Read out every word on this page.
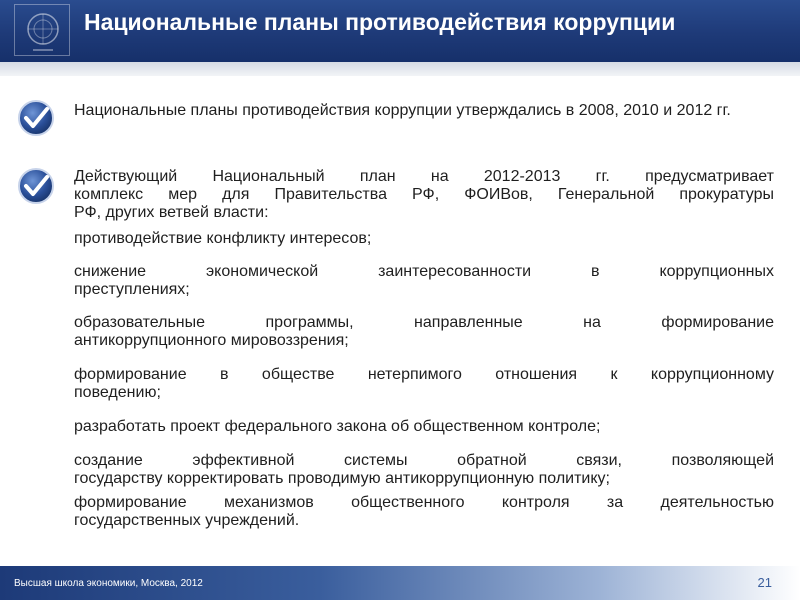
Национальные планы противодействия коррупции
Национальные планы противодействия коррупции утверждались в 2008, 2010 и 2012 гг.
Действующий Национальный план на 2012-2013 гг. предусматривает
комплекс мер для Правительства РФ, ФОИВов, Генеральной прокуратуры
РФ, других ветвей власти:
противодействие конфликту интересов;
снижение экономической заинтересованности в коррупционных
преступлениях;
образовательные программы, направленные на формирование
антикоррупционного мировоззрения;
формирование в обществе нетерпимого отношения к коррупционному
поведению;
разработать проект федерального закона об общественном контроле;
создание эффективной системы обратной связи, позволяющей
государству корректировать проводимую антикоррупционную политику;
формирование механизмов общественного контроля за деятельностью
государственных учреждений.
Высшая школа экономики, Москва, 2012	21
